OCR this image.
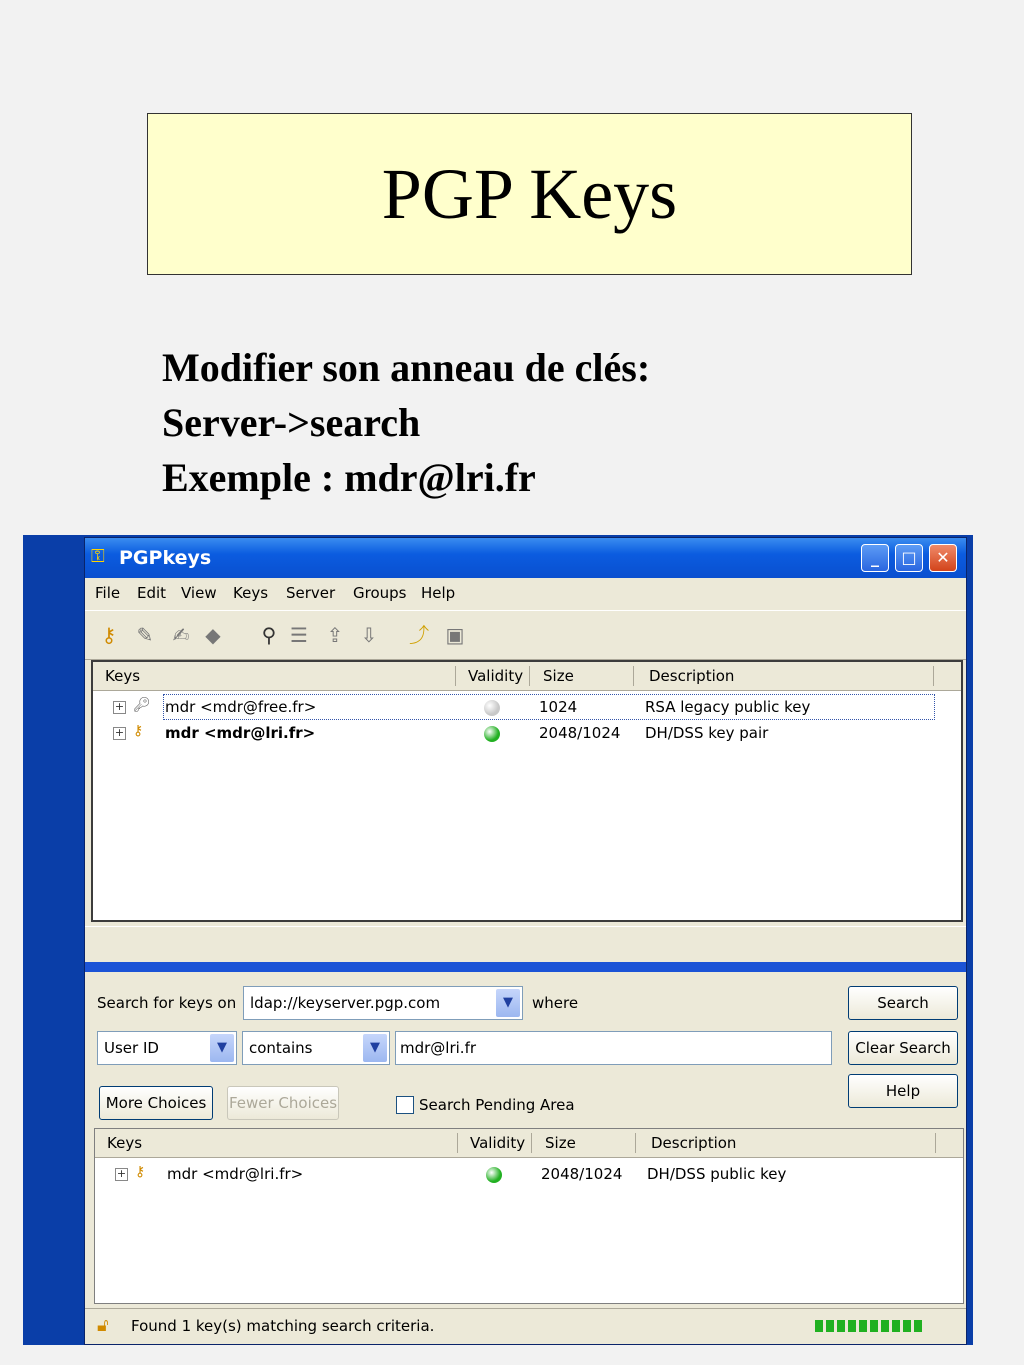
PGP Keys
Modifier son anneau de clés:
Server->search
Exemple : mdr@lri.fr
⚿ PGPkeys	_	□	✕
File Edit View Keys Server Groups Help
⚷ ✎ ✍ ◆ ⚲ ☰ ⇪ ⇩ ⤴ ▣
Keys	Validity Size	Description
+ 🔑︎ mdr <mdr@free.fr>	1024	RSA legacy public key
+ ⚷	mdr <mdr@lri.fr>	2048/1024 DH/DSS key pair
Search for keys on ldap://keyserver.pgp.com	▼	where
User ID	▼	contains	▼	mdr@lri.fr
Search
Clear Search
Help
More Choices	Fewer Choices	Search Pending Area
Keys	Validity Size	Description
+ ⚷	mdr <mdr@lri.fr>	2048/1024 DH/DSS public key
🔓︎ Found 1 key(s) matching search criteria.
